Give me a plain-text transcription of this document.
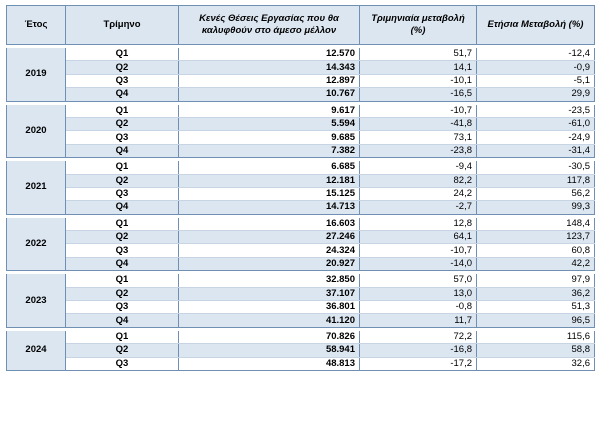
Έτος	Τρίμηνο	Κενές Θέσεις Εργασίας που θα καλυφθούν στο άμεσο μέλλον	Τριμηνιαία μεταβολή (%)	Ετήσια Μεταβολή (%)

2019	Q1	12.570	51,7	-12,4
	Q2	14.343	14,1	-0,9
	Q3	12.897	-10,1	-5,1
	Q4	10.767	-16,5	29,9

2020	Q1	9.617	-10,7	-23,5
	Q2	5.594	-41,8	-61,0
	Q3	9.685	73,1	-24,9
	Q4	7.382	-23,8	-31,4

2021	Q1	6.685	-9,4	-30,5
	Q2	12.181	82,2	117,8
	Q3	15.125	24,2	56,2
	Q4	14.713	-2,7	99,3

2022	Q1	16.603	12,8	148,4
	Q2	27.246	64,1	123,7
	Q3	24.324	-10,7	60,8
	Q4	20.927	-14,0	42,2

2023	Q1	32.850	57,0	97,9
	Q2	37.107	13,0	36,2
	Q3	36.801	-0,8	51,3
	Q4	41.120	11,7	96,5

2024	Q1	70.826	72,2	115,6
	Q2	58.941	-16,8	58,8
	Q3	48.813	-17,2	32,6
